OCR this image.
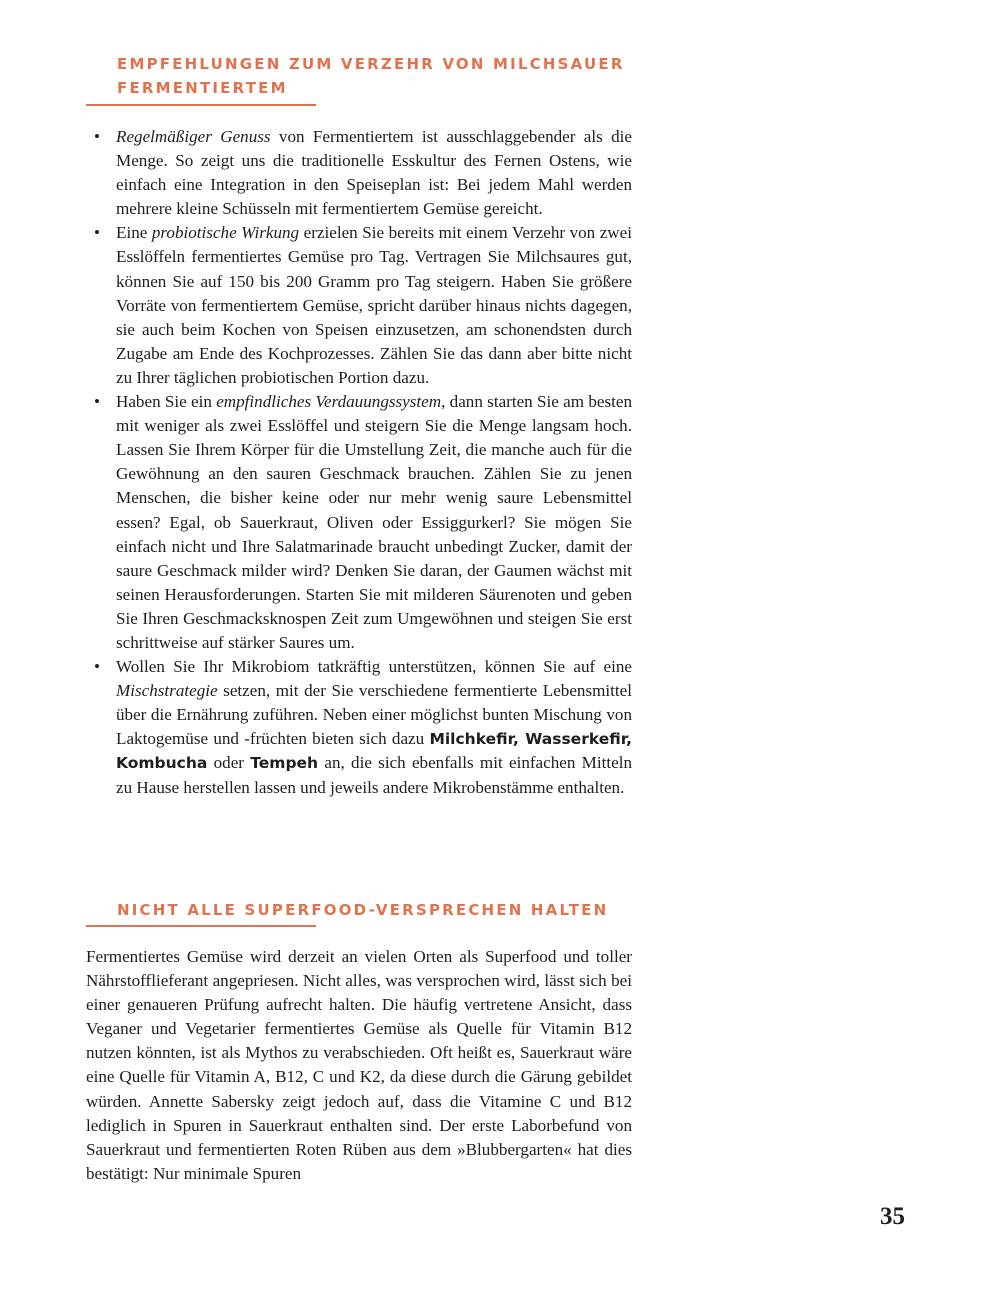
EMPFEHLUNGEN ZUM VERZEHR VON MILCHSAUER
FERMENTIERTEM
• Regelmäßiger Genuss von Fermentiertem ist ausschlaggebender als die Menge. So zeigt uns die traditionelle Esskultur des Fernen Ostens, wie einfach eine Integration in den Speiseplan ist: Bei jedem Mahl werden mehrere kleine Schüsseln mit fermentiertem Gemüse gereicht.
• Eine probiotische Wirkung erzielen Sie bereits mit einem Verzehr von zwei Esslöffeln fermentiertes Gemüse pro Tag. Vertragen Sie Milchsaures gut, können Sie auf 150 bis 200 Gramm pro Tag steigern. Haben Sie größere Vorräte von fermentiertem Gemüse, spricht darüber hinaus nichts dagegen, sie auch beim Kochen von Speisen einzusetzen, am schonendsten durch Zugabe am Ende des Kochprozesses. Zählen Sie das dann aber bitte nicht zu Ihrer täglichen probiotischen Portion dazu.
• Haben Sie ein empfindliches Verdauungssystem, dann starten Sie am besten mit weniger als zwei Esslöffel und steigern Sie die Menge langsam hoch. Lassen Sie Ihrem Körper für die Umstellung Zeit, die manche auch für die Gewöhnung an den sauren Geschmack brauchen. Zählen Sie zu jenen Menschen, die bisher keine oder nur mehr wenig saure Lebensmittel essen? Egal, ob Sauerkraut, Oliven oder Essiggurkerl? Sie mögen Sie einfach nicht und Ihre Salatmarinade braucht unbedingt Zucker, damit der saure Geschmack milder wird? Denken Sie daran, der Gaumen wächst mit seinen Herausforderungen. Starten Sie mit milderen Säurenoten und geben Sie Ihren Geschmacksknospen Zeit zum Umgewöhnen und steigen Sie erst schrittweise auf stärker Saures um.
• Wollen Sie Ihr Mikrobiom tatkräftig unterstützen, können Sie auf eine Mischstrategie setzen, mit der Sie verschiedene fermentierte Lebensmittel über die Ernährung zuführen. Neben einer möglichst bunten Mischung von Laktogemüse und -früchten bieten sich dazu Milchkefir, Wasserkefir, Kombucha oder Tempeh an, die sich ebenfalls mit einfachen Mitteln zu Hause herstellen lassen und jeweils andere Mikrobenstämme enthalten.
NICHT ALLE SUPERFOOD-VERSPRECHEN HALTEN

Fermentiertes Gemüse wird derzeit an vielen Orten als Superfood und toller Nährstofflieferant angepriesen. Nicht alles, was versprochen wird, lässt sich bei einer genaueren Prüfung aufrecht halten. Die häufig vertretene Ansicht, dass Veganer und Vegetarier fermentiertes Gemüse als Quelle für Vitamin B12 nutzen könnten, ist als Mythos zu verabschieden. Oft heißt es, Sauerkraut wäre eine Quelle für Vitamin A, B12, C und K2, da diese durch die Gärung gebildet würden. Annette Sabersky zeigt jedoch auf, dass die Vitamine C und B12 lediglich in Spuren in Sauerkraut enthalten sind. Der erste Laborbefund von Sauerkraut und fermentierten Roten Rüben aus dem »Blubbergarten« hat dies bestätigt: Nur minimale Spuren

35
